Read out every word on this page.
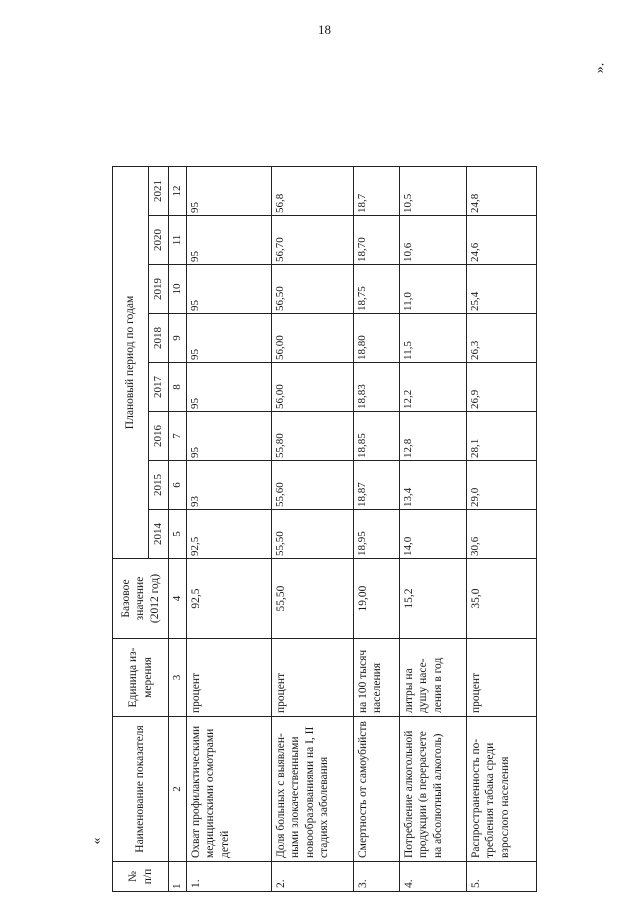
18
».
«
№ п/п	Наименование показателя	Единица из- мерения	Базовое значение (2012 год)	Плановый период по годам							
				2014	2015	2016	2017	2018	2019	2020	2021
1	2	3	4	5	6	7	8	9	10	11	12
1.	Охват профилактическими медицинскими осмотрами детей	процент	92,5	92,5	93	95	95	95	95	95	95
2.	Доля больных с выявлен- ными злокачественными новообразованиями на I, II стадиях заболевания	процент	55,50	55,50	55,60	55,80	56,00	56,00	56,50	56,70	56,8
3.	Смертность от самоубийств	на 100 тысяч населения	19,00	18,95	18,87	18,85	18,83	18,80	18,75	18,70	18,7
4.	Потребление алкогольной продукции (в перерасчете на абсолютный алкоголь)	литры на душу насе- ления в год	15,2	14,0	13,4	12,8	12,2	11,5	11,0	10,6	10,5
5.	Распространенность по- требления табака среди взрослого населения	процент	35,0	30,6	29,0	28,1	26,9	26,3	25,4	24,6	24,8
